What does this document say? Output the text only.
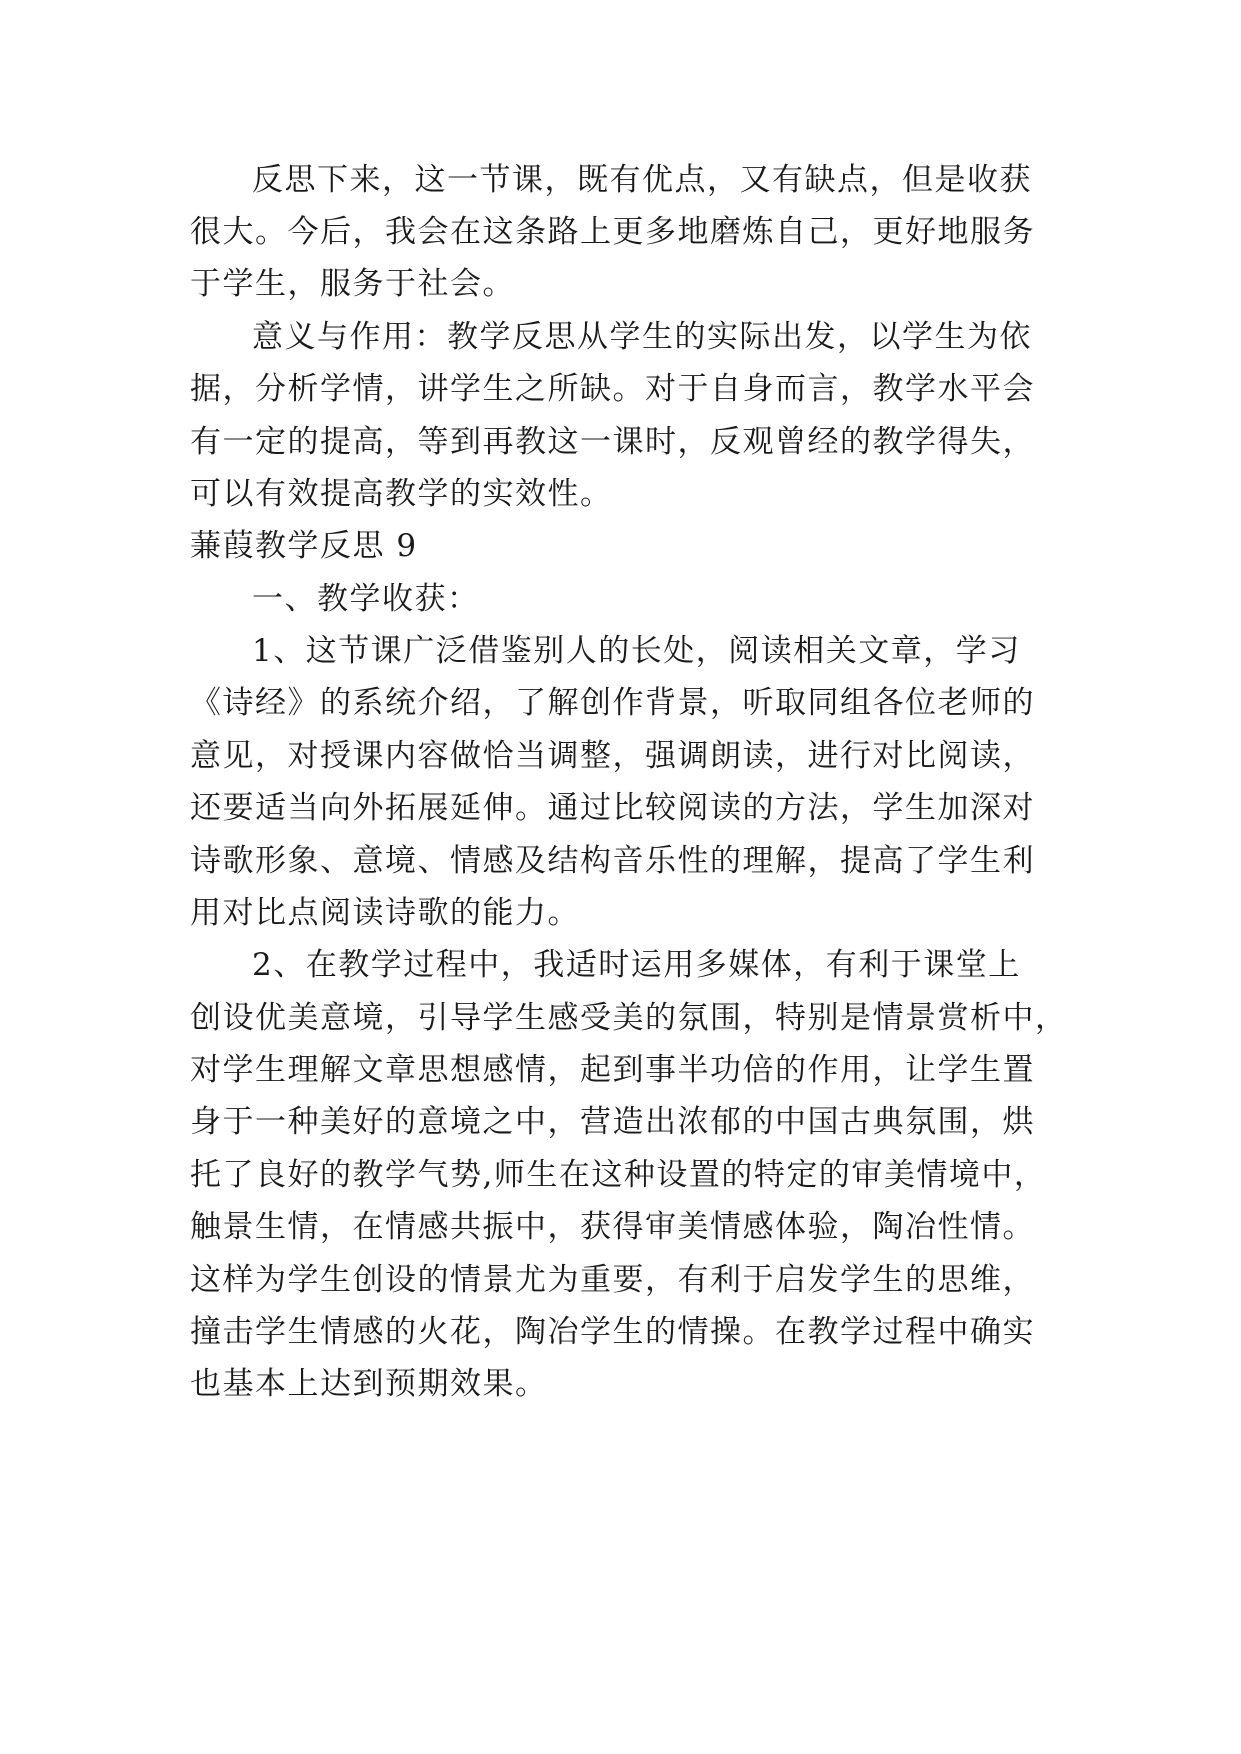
反思下来，这一节课，既有优点，又有缺点，但是收获
很大。今后，我会在这条路上更多地磨炼自己，更好地服务
于学生，服务于社会。
意义与作用：教学反思从学生的实际出发，以学生为依
据，分析学情，讲学生之所缺。对于自身而言，教学水平会
有一定的提高，等到再教这一课时，反观曾经的教学得失，
可以有效提高教学的实效性。
蒹葭教学反思 9
一、教学收获：
1、这节课广泛借鉴别人的长处，阅读相关文章，学习
《诗经》的系统介绍，了解创作背景，听取同组各位老师的
意见，对授课内容做恰当调整，强调朗读，进行对比阅读，
还要适当向外拓展延伸。通过比较阅读的方法，学生加深对
诗歌形象、意境、情感及结构音乐性的理解，提高了学生利
用对比点阅读诗歌的能力。
2、在教学过程中，我适时运用多媒体，有利于课堂上
创设优美意境，引导学生感受美的氛围，特别是情景赏析中，
对学生理解文章思想感情，起到事半功倍的作用，让学生置
身于一种美好的意境之中，营造出浓郁的中国古典氛围，烘
托了良好的教学气势,师生在这种设置的特定的审美情境中，
触景生情，在情感共振中，获得审美情感体验，陶冶性情。
这样为学生创设的情景尤为重要，有利于启发学生的思维，
撞击学生情感的火花，陶冶学生的情操。在教学过程中确实
也基本上达到预期效果。
